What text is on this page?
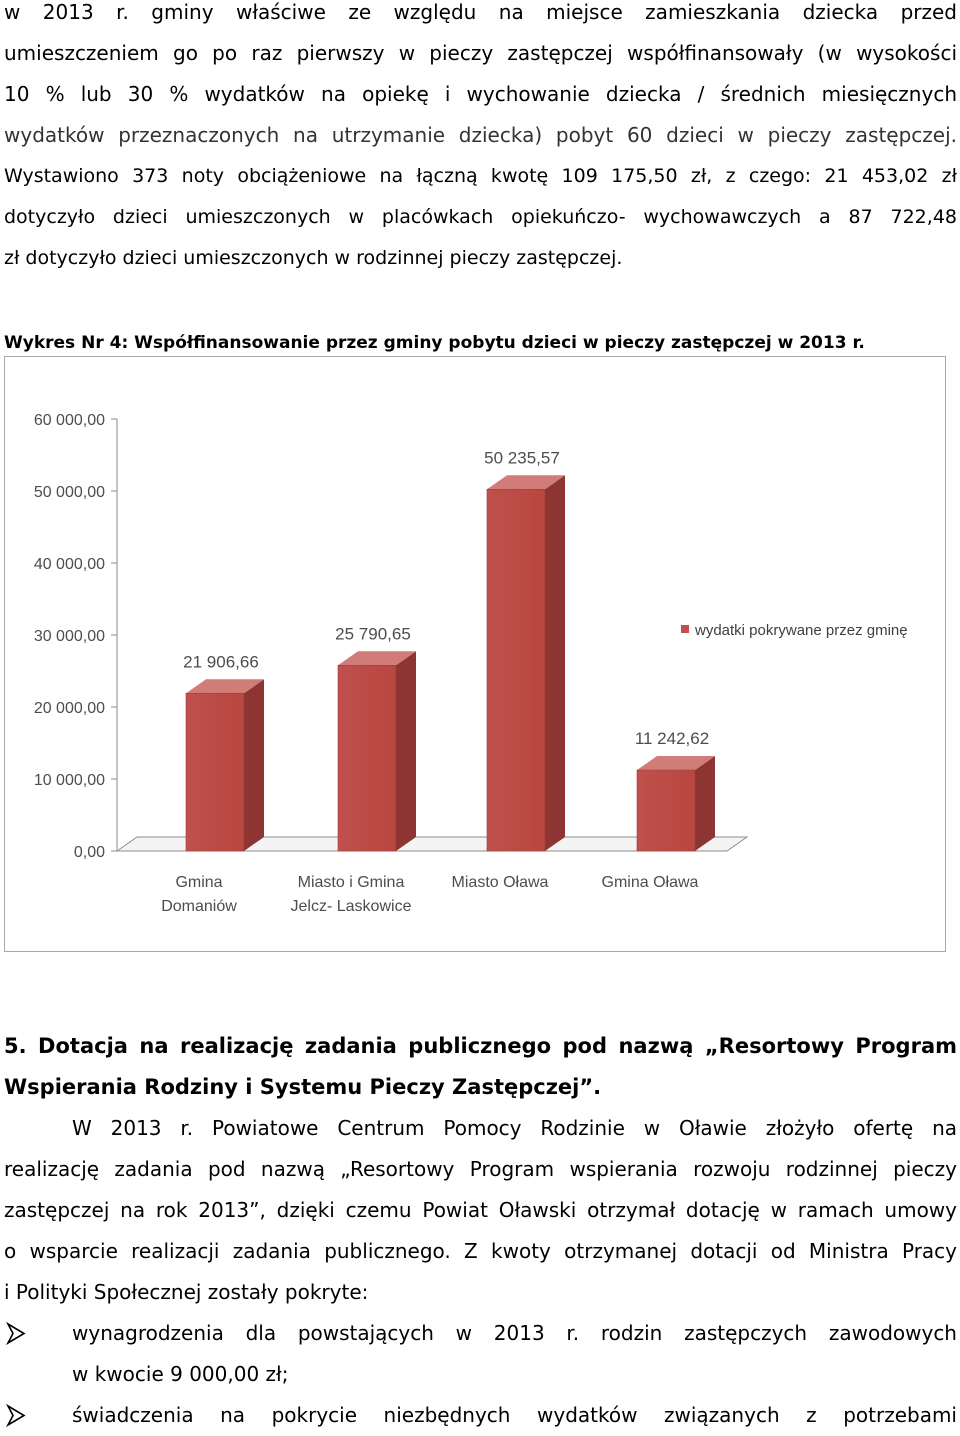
w 2013 r. gminy właściwe ze względu na miejsce zamieszkania dziecka przed
umieszczeniem go po raz pierwszy w pieczy zastępczej współfinansowały (w wysokości
10 % lub 30 % wydatków na opiekę i wychowanie dziecka / średnich miesięcznych
wydatków przeznaczonych na utrzymanie dziecka) pobyt 60 dzieci w pieczy zastępczej.
Wystawiono 373 noty obciążeniowe na łączną kwotę 109 175,50 zł, z czego: 21 453,02 zł
dotyczyło dzieci umieszczonych w placówkach opiekuńczo- wychowawczych a 87 722,48
zł dotyczyło dzieci umieszczonych w rodzinnej pieczy zastępczej.
Wykres Nr 4: Współfinansowanie przez gminy pobytu dzieci w pieczy zastępczej w 2013 r.
0,00
10 000,00
20 000,00
30 000,00
40 000,00
50 000,00
60 000,00
21 906,66
Gmina
Domaniów
25 790,65
Miasto i Gmina
Jelcz- Laskowice
50 235,57
Miasto Oława
11 242,62
Gmina Oława
wydatki pokrywane przez gminę
5. Dotacja na realizację zadania publicznego pod nazwą „Resortowy Program
Wspierania Rodziny i Systemu Pieczy Zastępczej”.
W 2013 r. Powiatowe Centrum Pomocy Rodzinie w Oławie złożyło ofertę na
realizację zadania pod nazwą „Resortowy Program wspierania rozwoju rodzinnej pieczy
zastępczej na rok 2013”, dzięki czemu Powiat Oławski otrzymał dotację w ramach umowy
o wsparcie realizacji zadania publicznego. Z kwoty otrzymanej dotacji od Ministra Pracy
i Polityki Społecznej zostały pokryte:
wynagrodzenia dla powstających w 2013 r. rodzin zastępczych zawodowych
w kwocie 9 000,00 zł;
świadczenia na pokrycie niezbędnych wydatków związanych z potrzebami
